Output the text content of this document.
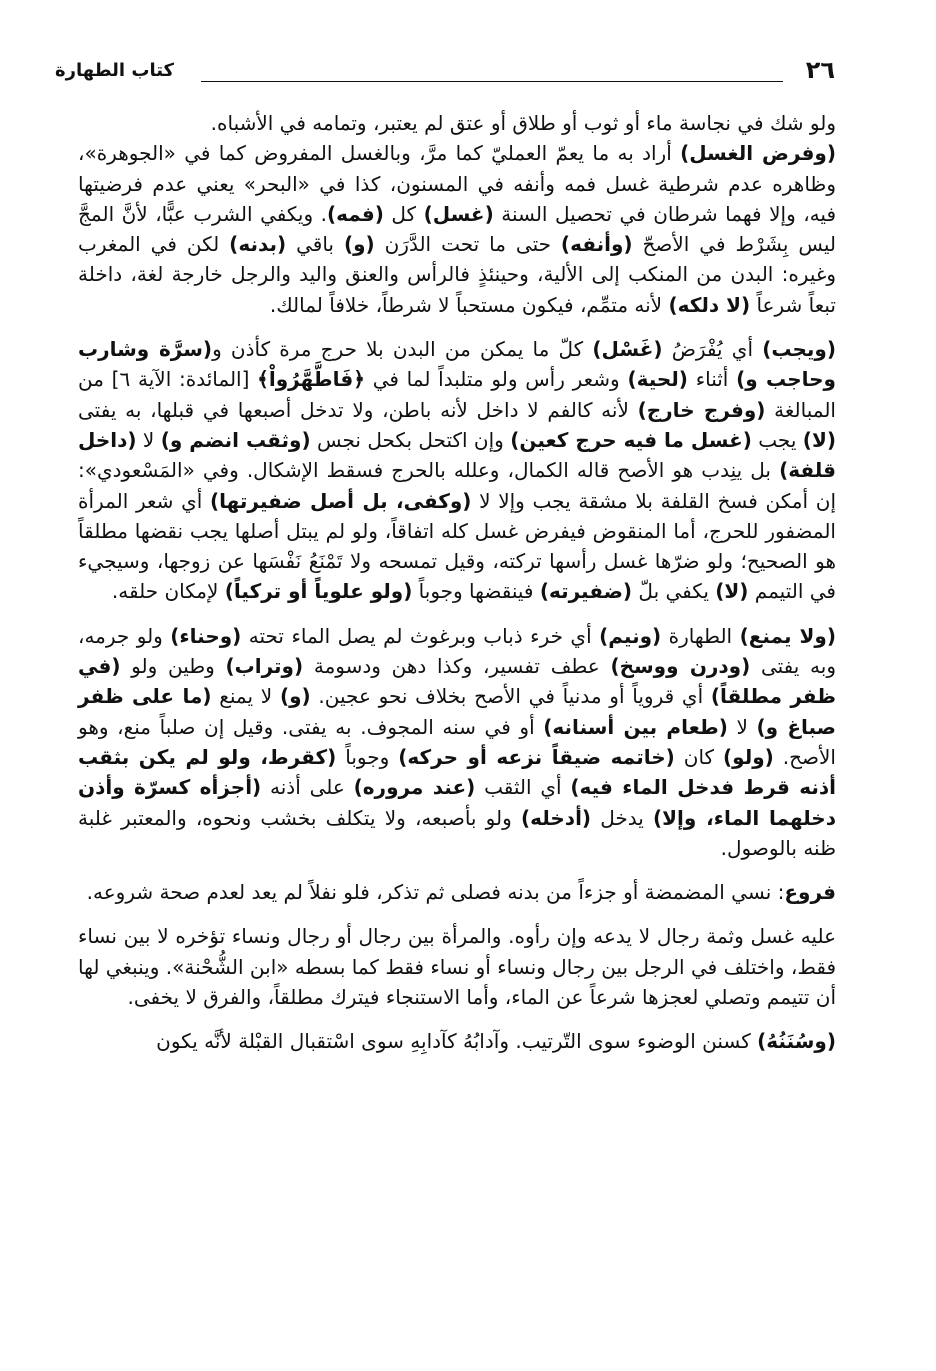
٢٦
كتاب الطهارة

ولو شك في نجاسة ماء أو ثوب أو طلاق أو عتق لم يعتبر، وتمامه في الأشباه.

(وفرض الغسل) أراد به ما يعمّ العمليّ كما مرَّ، وبالغسل المفروض كما في «الجوهرة»، وظاهره عدم شرطية غسل فمه وأنفه في المسنون، كذا في «البحر» يعني عدم فرضيتها فيه، وإلا فهما شرطان في تحصيل السنة (غسل) كل (فمه). ويكفي الشرب عبًّا، لأنَّ المجَّ ليس بِشَرْط في الأصحّ (وأنفه) حتى ما تحت الدَّرَن (و) باقي (بدنه) لكن في المغرب وغيره: البدن من المنكب إلى الألية، وحينئذٍ فالرأس والعنق واليد والرجل خارجة لغة، داخلة تبعاً شرعاً (لا دلكه) لأنه متمِّم، فيكون مستحباً لا شرطاً، خلافاً لمالك.

(ويجب) أي يُفْرَضُ (غَسْل) كلّ ما يمكن من البدن بلا حرج مرة كأذن و(سرَّة وشارب وحاجب و) أثناء (لحية) وشعر رأس ولو متلبداً لما في ﴿فَاطَّهَّرُواْ﴾ [المائدة: الآية ٦] من المبالغة (وفرج خارج) لأنه كالفم لا داخل لأنه باطن، ولا تدخل أصبعها في قبلها، به يفتى (لا) يجب (غسل ما فيه حرج كعين) وإن اكتحل بكحل نجس (وثقب انضم و) لا (داخل قلفة) بل ينِدب هو الأصح قاله الكمال، وعلله بالحرج فسقط الإشكال. وفي «المَسْعودي»: إن أمكن فسخ القلفة بلا مشقة يجب وإلا لا (وكفى، بل أصل ضفيرتها) أي شعر المرأة المضفور للحرج، أما المنقوض فيفرض غسل كله اتفاقاً، ولو لم يبتل أصلها يجب نقضها مطلقاً هو الصحيح؛ ولو ضرّها غسل رأسها تركته، وقيل تمسحه ولا تَمْنَعُ نَفْسَها عن زوجها، وسيجيء في التيمم (لا) يكفي بلّ (ضفيرته) فينقضها وجوباً (ولو علوياً أو تركياً) لإمكان حلقه.

(ولا يمنع) الطهارة (ونيم) أي خرء ذباب وبرغوث لم يصل الماء تحته (وحناء) ولو جرمه، وبه يفتى (ودرن ووسخ) عطف تفسير، وكذا دهن ودسومة (وتراب) وطين ولو (في ظفر مطلقاً) أي قروياً أو مدنياً في الأصح بخلاف نحو عجين. (و) لا يمنع (ما على ظفر صباغ و) لا (طعام بين أسنانه) أو في سنه المجوف. به يفتى. وقيل إن صلباً منع، وهو الأصح. (ولو) كان (خاتمه ضيقاً نزعه أو حركه) وجوباً (كقرط، ولو لم يكن بثقب أذنه قرط فدخل الماء فيه) أي الثقب (عند مروره) على أذنه (أجزأه كسرّة وأذن دخلهما الماء، وإلا) يدخل (أدخله) ولو بأصبعه، ولا يتكلف بخشب ونحوه، والمعتبر غلبة ظنه بالوصول.

فروع: نسي المضمضة أو جزءاً من بدنه فصلى ثم تذكر، فلو نفلاً لم يعد لعدم صحة شروعه.

عليه غسل وثمة رجال لا يدعه وإن رأوه. والمرأة بين رجال أو رجال ونساء تؤخره لا بين نساء فقط، واختلف في الرجل بين رجال ونساء أو نساء فقط كما بسطه «ابن الشُّحْنة». وينبغي لها أن تتيمم وتصلي لعجزها شرعاً عن الماء، وأما الاستنجاء فيترك مطلقاً، والفرق لا يخفى.

(وسُنَنُهُ) كسنن الوضوء سوى التّرتيب. وآدابُهُ كآدابِهِ سوى اسْتقبال القبْلة لأنَّه يكون
